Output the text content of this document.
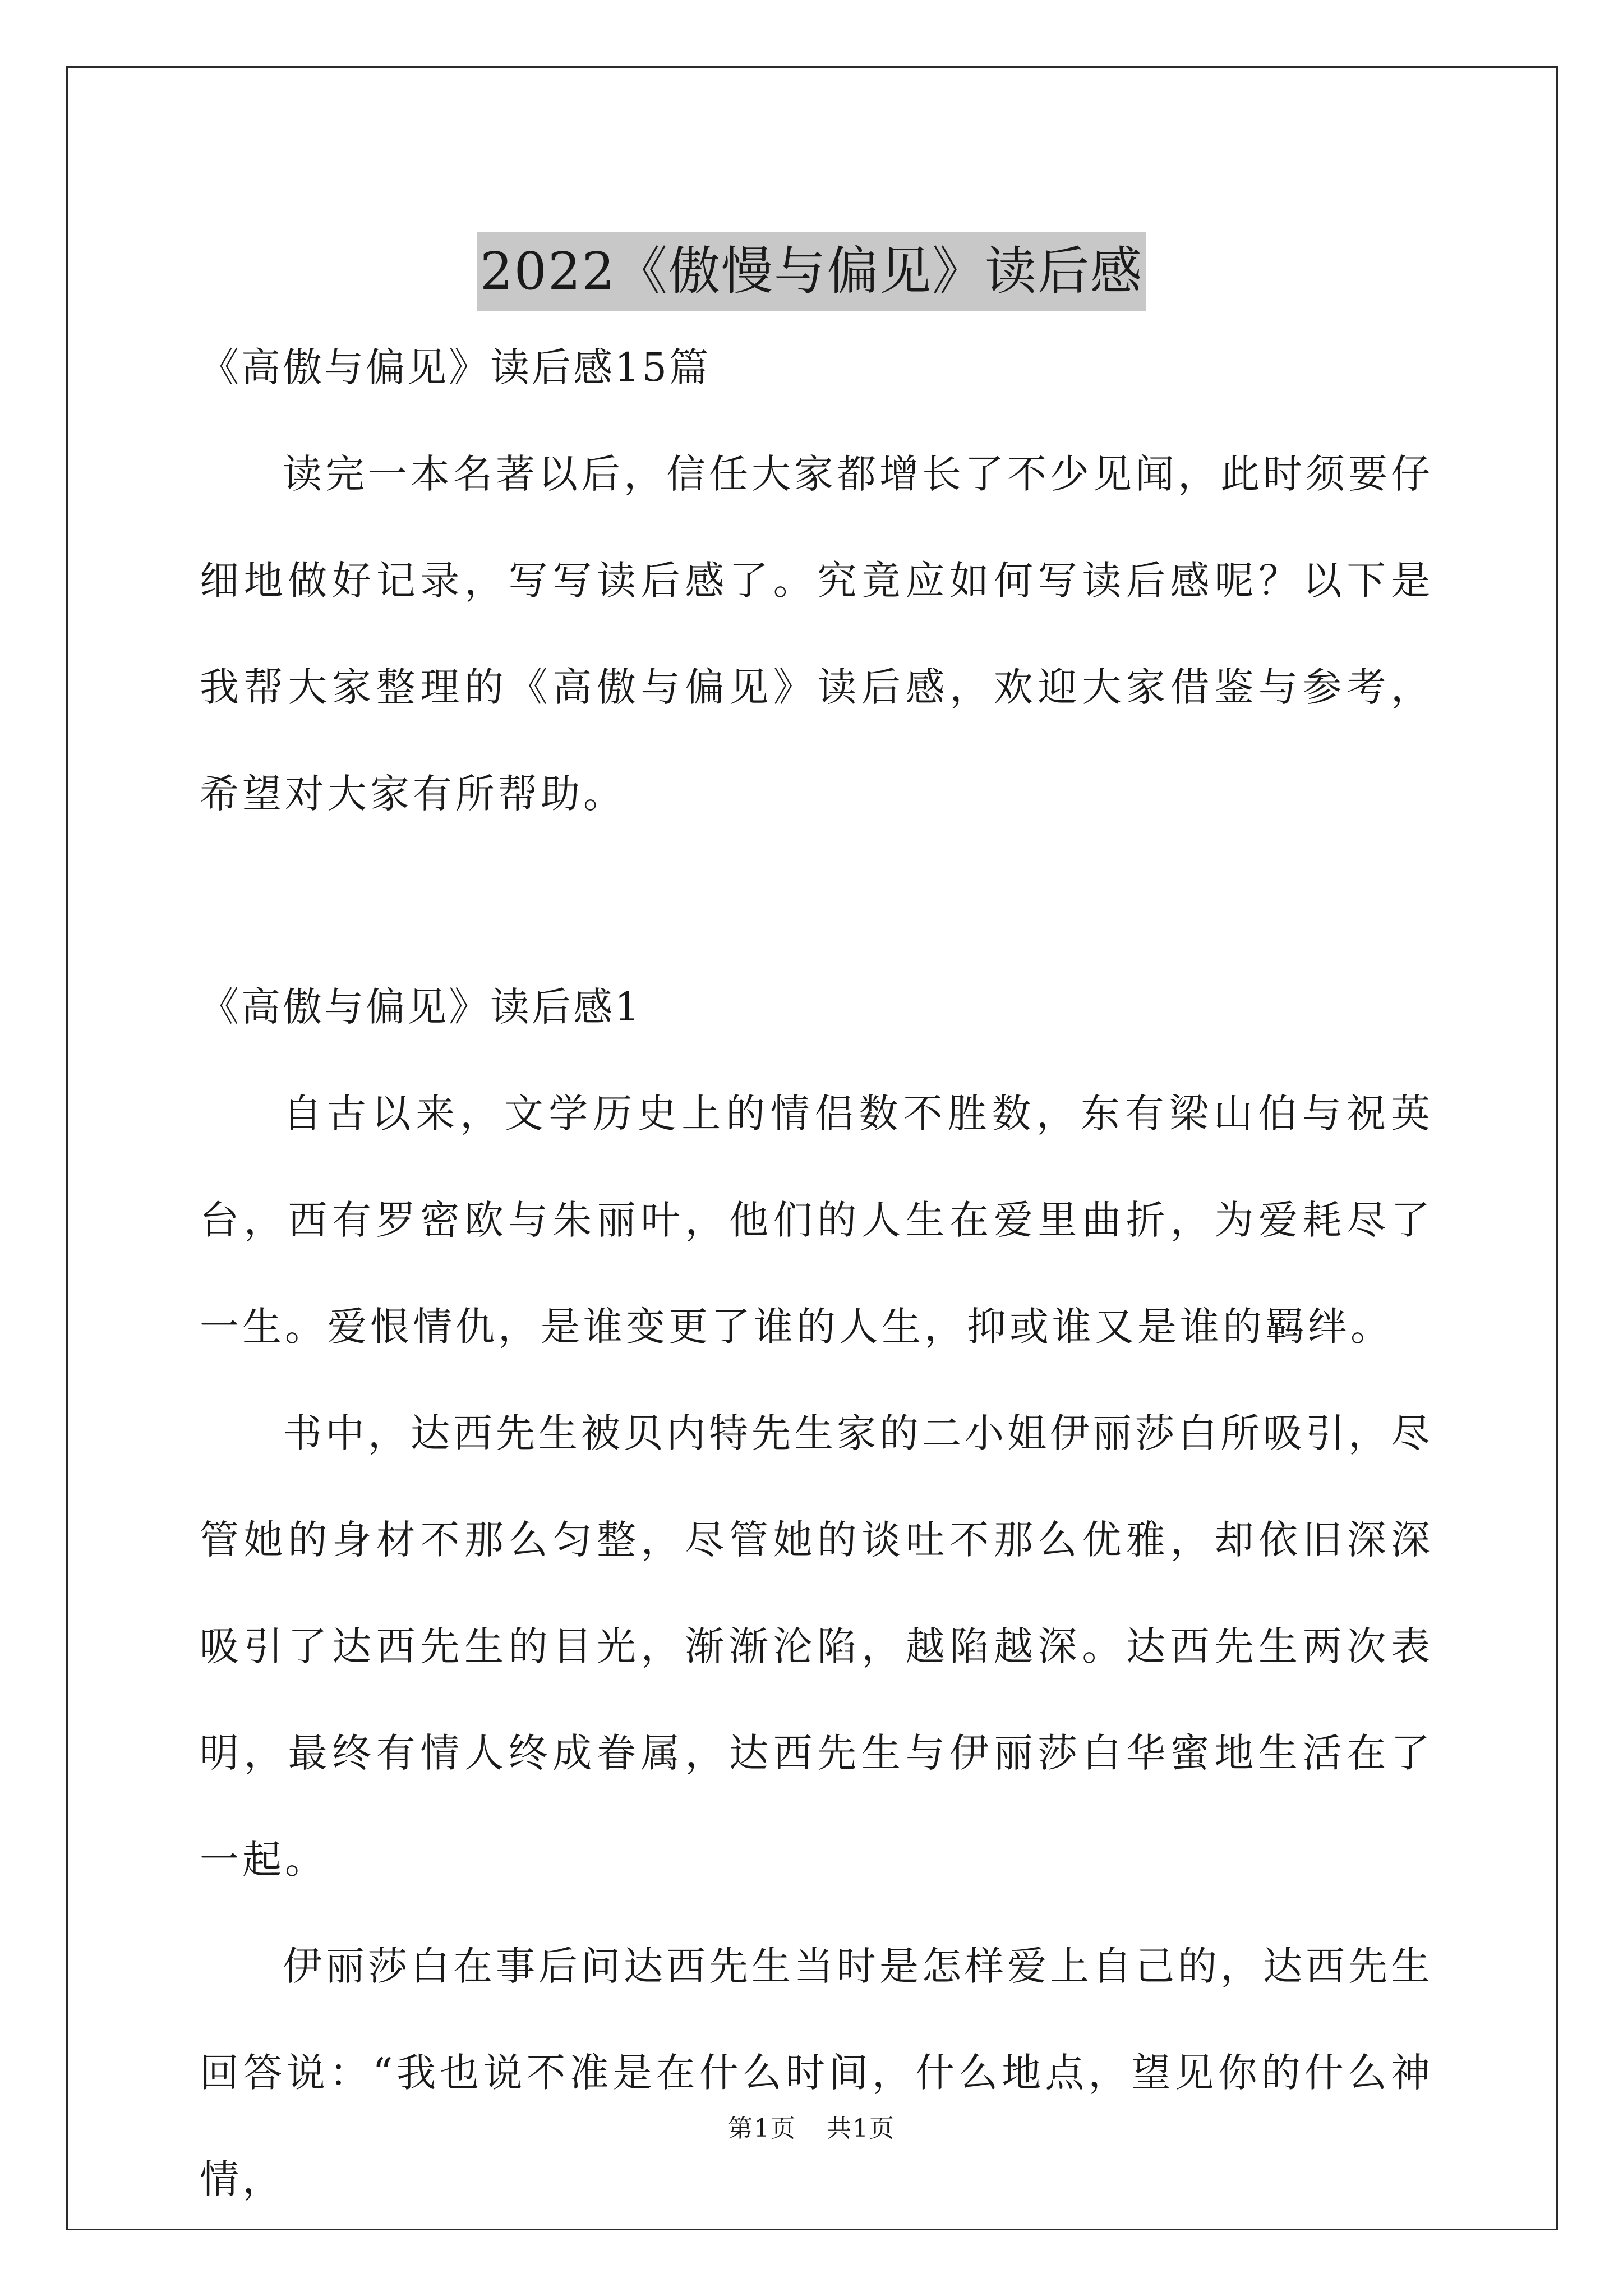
2022《傲慢与偏见》读后感

《高傲与偏见》读后感15篇

读完一本名著以后，信任大家都增长了不少见闻，此时须要仔细地做好记录，写写读后感了。究竟应如何写读后感呢？以下是我帮大家整理的《高傲与偏见》读后感，欢迎大家借鉴与参考，希望对大家有所帮助。

《高傲与偏见》读后感1

自古以来，文学历史上的情侣数不胜数，东有梁山伯与祝英台，西有罗密欧与朱丽叶，他们的人生在爱里曲折，为爱耗尽了一生。爱恨情仇，是谁变更了谁的人生，抑或谁又是谁的羁绊。

书中，达西先生被贝内特先生家的二小姐伊丽莎白所吸引，尽管她的身材不那么匀整，尽管她的谈吐不那么优雅，却依旧深深吸引了达西先生的目光，渐渐沦陷，越陷越深。达西先生两次表明，最终有情人终成眷属，达西先生与伊丽莎白华蜜地生活在了一起。

伊丽莎白在事后问达西先生当时是怎样爱上自己的，达西先生回答说：“我也说不准是在什么时间，什么地点，望见你的什么神情，

第1页 共1页
